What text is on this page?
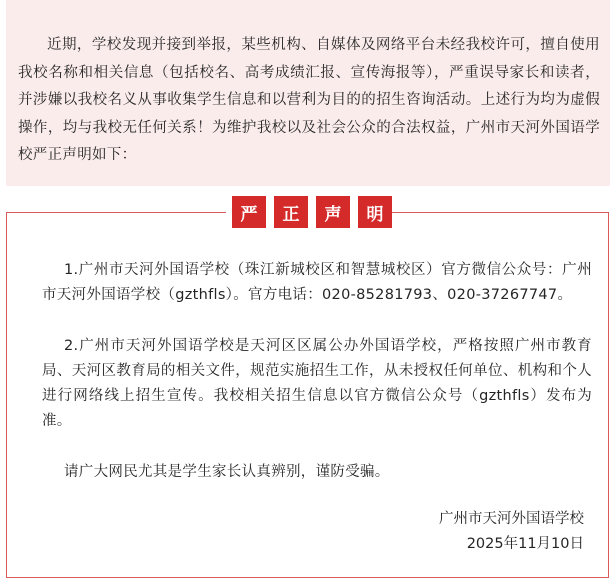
近期，学校发现并接到举报，某些机构、自媒体及网络平台未经我校许可，擅自使用我校名称和相关信息（包括校名、高考成绩汇报、宣传海报等），严重误导家长和读者，并涉嫌以我校名义从事收集学生信息和以营利为目的的招生咨询活动。上述行为均为虚假操作，均与我校无任何关系！为维护我校以及社会公众的合法权益，广州市天河外国语学校严正声明如下：

严	正	声	明

1.广州市天河外国语学校（珠江新城校区和智慧城校区）官方微信公众号：广州市天河外国语学校（gzthfls）。官方电话：020-85281793、020-37267747。

2.广州市天河外国语学校是天河区区属公办外国语学校，严格按照广州市教育局、天河区教育局的相关文件，规范实施招生工作，从未授权任何单位、机构和个人进行网络线上招生宣传。我校相关招生信息以官方微信公众号（gzthfls）发布为准。

请广大网民尤其是学生家长认真辨别，谨防受骗。

广州市天河外国语学校
2025年11月10日
